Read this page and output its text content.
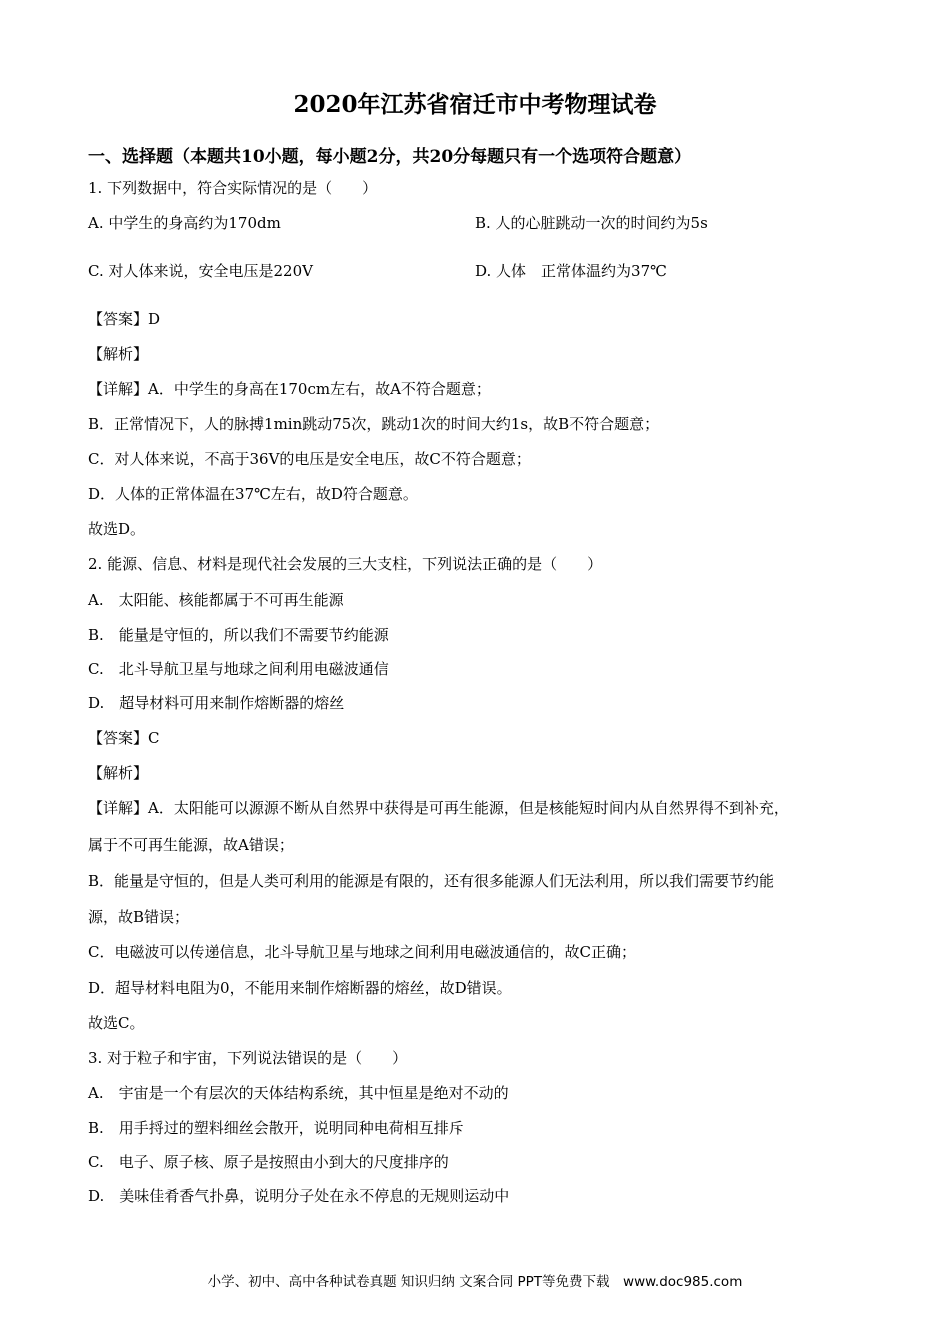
2020年江苏省宿迁市中考物理试卷
一、选择题（本题共10小题，每小题2分，共20分每题只有一个选项符合题意）
1. 下列数据中，符合实际情况的是（　　）
A. 中学生的身高约为170dm	B. 人的心脏跳动一次的时间约为5s
C. 对人体来说，安全电压是220V	D. 人体　正常体温约为37℃
【答案】D
【解析】
【详解】A．中学生的身高在170cm左右，故A不符合题意；
B．正常情况下，人的脉搏1min跳动75次，跳动1次的时间大约1s，故B不符合题意；
C．对人体来说，不高于36V的电压是安全电压，故C不符合题意；
D．人体的正常体温在37℃左右，故D符合题意。
故选D。
2. 能源、信息、材料是现代社会发展的三大支柱，下列说法正确的是（　　）
A.　太阳能、核能都属于不可再生能源
B.　能量是守恒的，所以我们不需要节约能源
C.　北斗导航卫星与地球之间利用电磁波通信
D.　超导材料可用来制作熔断器的熔丝
【答案】C
【解析】
【详解】A．太阳能可以源源不断从自然界中获得是可再生能源，但是核能短时间内从自然界得不到补充，
属于不可再生能源，故A错误；
B．能量是守恒的，但是人类可利用的能源是有限的，还有很多能源人们无法利用，所以我们需要节约能
源，故B错误；
C．电磁波可以传递信息，北斗导航卫星与地球之间利用电磁波通信的，故C正确；
D．超导材料电阻为0，不能用来制作熔断器的熔丝，故D错误。
故选C。
3. 对于粒子和宇宙，下列说法错误的是（　　）
A.　宇宙是一个有层次的天体结构系统，其中恒星是绝对不动的
B.　用手捋过的塑料细丝会散开，说明同种电荷相互排斥
C.　电子、原子核、原子是按照由小到大的尺度排序的
D.　美味佳肴香气扑鼻，说明分子处在永不停息的无规则运动中
小学、初中、高中各种试卷真题 知识归纳 文案合同 PPT等免费下载　www.doc985.com
